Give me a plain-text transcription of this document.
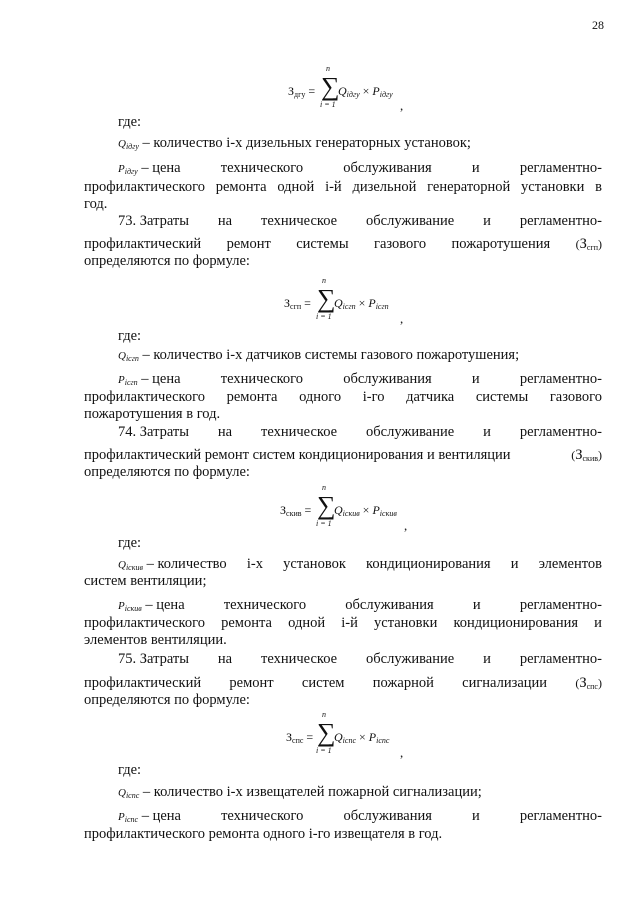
28
Здгу =
n
∑
i = 1
$Q_{iдгу} \times P_{iдгу}$
,
где:
$Q_{iдгу}$ – количество i-х дизельных генераторных установок;
$P_{iдгу}$ – цена	технического	обслуживания	и	регламентно-
профилактического ремонта одной i-й дизельной генераторной установки в
год.
73. Затраты на техническое обслуживание и регламентно-
профилактический ремонт системы газового пожаротушения (Зсгп)
определяются по формуле:
Зсгп =
n
∑
i = 1
$Q_{iсгп} \times P_{iсгп}$
,
где:
$Q_{iсгп}$ – количество i-х датчиков системы газового пожаротушения;
$P_{iсгп}$ – цена	технического	обслуживания	и	регламентно-
профилактического ремонта одного i-го датчика системы газового
пожаротушения в год.
74. Затраты на техническое обслуживание и регламентно-
профилактический ремонт систем кондиционирования и вентиляции	(Зскив)
определяются по формуле:
Зскив =
n
∑
i = 1
$Q_{iскив} \times P_{iскив}$
,
где:
$Q_{iскив}$ – количество i-х установок кондиционирования и элементов
систем вентиляции;
$P_{iскив}$ – цена	технического	обслуживания	и	регламентно-
профилактического ремонта одной i-й установки кондиционирования и
элементов вентиляции.
75. Затраты на техническое обслуживание и регламентно-
профилактический ремонт систем пожарной сигнализации (Зспс)
определяются по формуле:
Зспс =
n
∑
i = 1
$Q_{iспс} \times P_{iспс}$
,
где:
$Q_{iспс}$ – количество i-х извещателей пожарной сигнализации;
$P_{iспс}$ – цена	технического	обслуживания	и	регламентно-
профилактического ремонта одного i-го извещателя в год.
